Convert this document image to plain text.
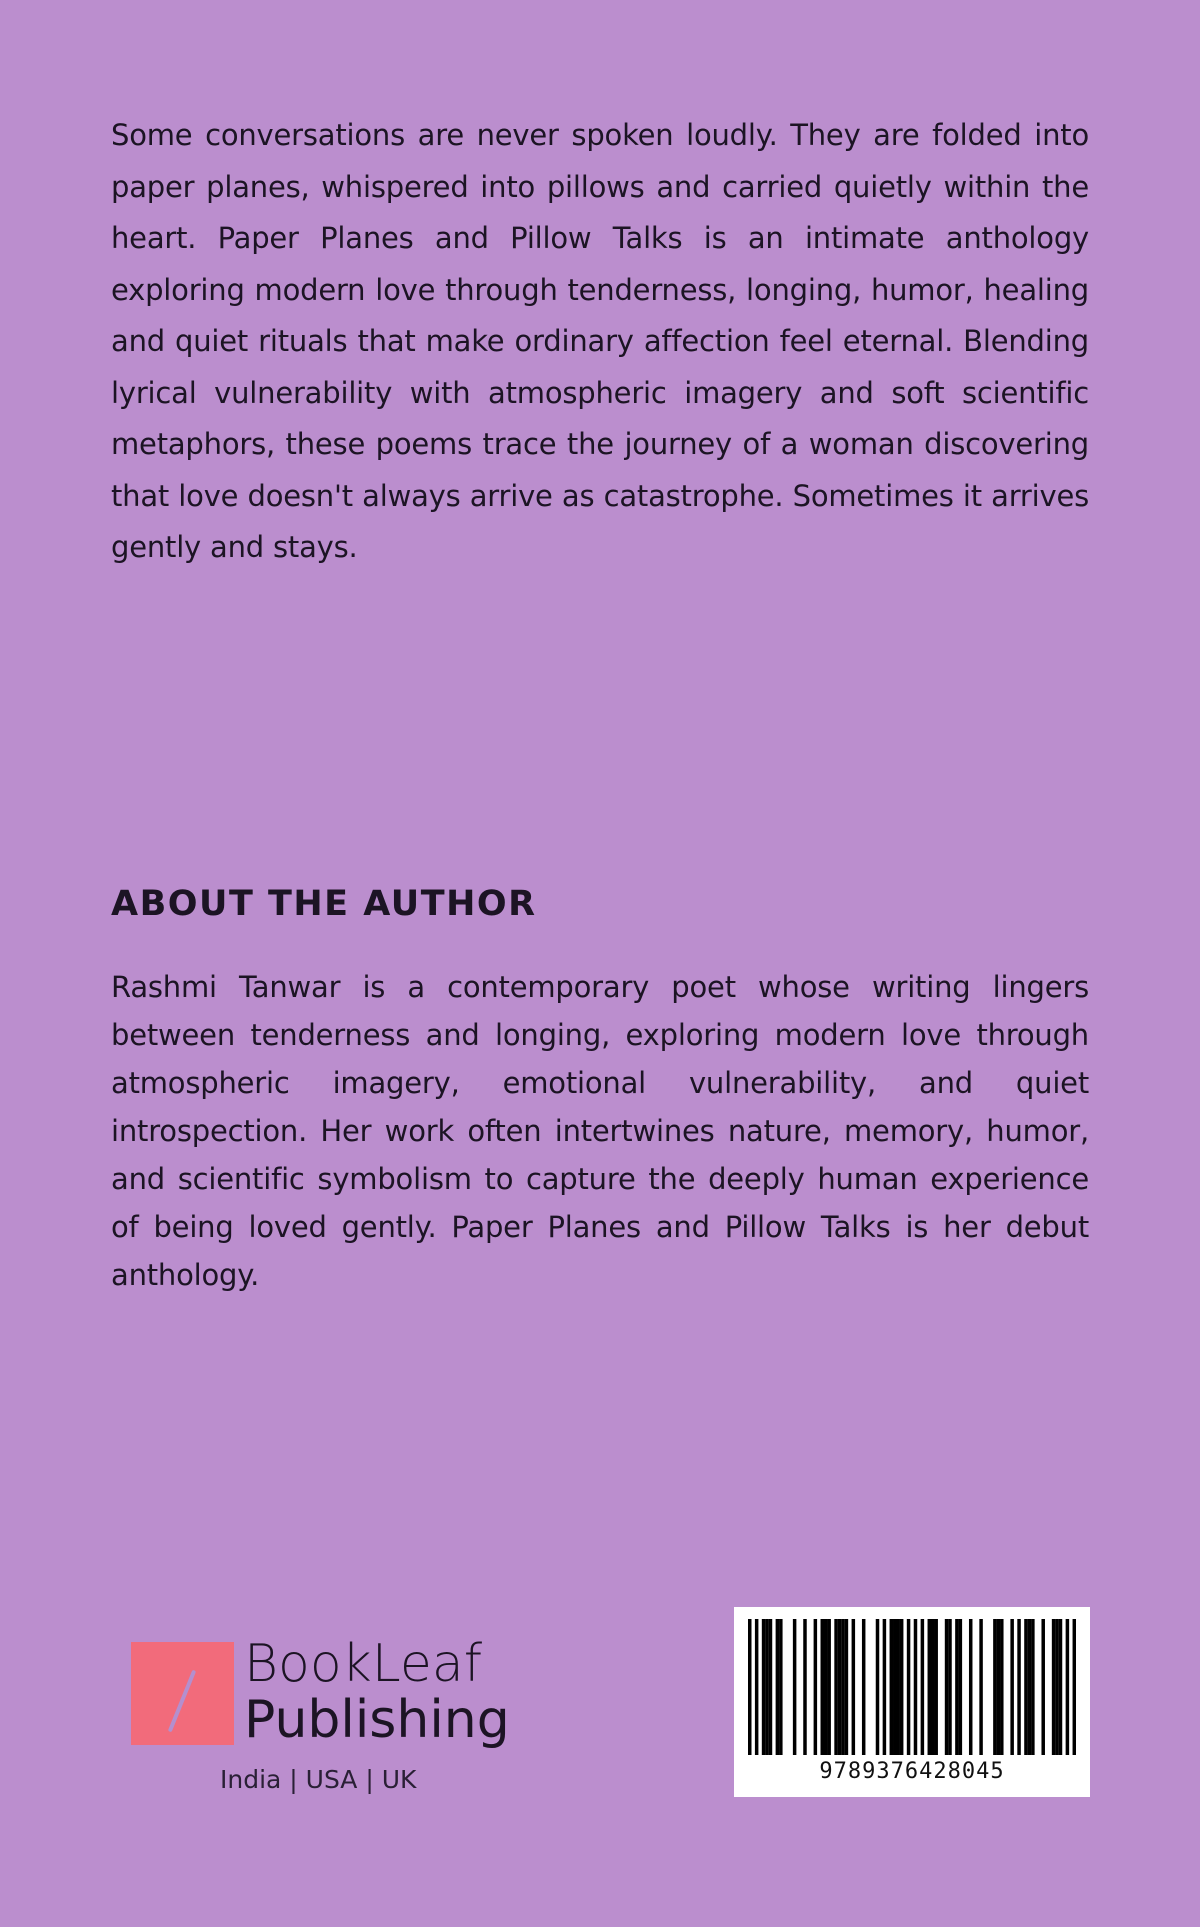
Some conversations are never spoken loudly. They are folded into paper planes, whispered into pillows and carried quietly within the heart. Paper Planes and Pillow Talks is an intimate anthology exploring modern love through tenderness, longing, humor, healing and quiet rituals that make ordinary affection feel eternal. Blending lyrical vulnerability with atmospheric imagery and soft scientific metaphors, these poems trace the journey of a woman discovering that love doesn't always arrive as catastrophe. Sometimes it arrives gently and stays.

ABOUT THE AUTHOR

Rashmi Tanwar is a contemporary poet whose writing lingers between tenderness and longing, exploring modern love through atmospheric imagery, emotional vulnerability, and quiet introspection. Her work often intertwines nature, memory, humor, and scientific symbolism to capture the deeply human experience of being loved gently. Paper Planes and Pillow Talks is her debut anthology.

BookLeaf
Publishing
India | USA | UK	9789376428045
